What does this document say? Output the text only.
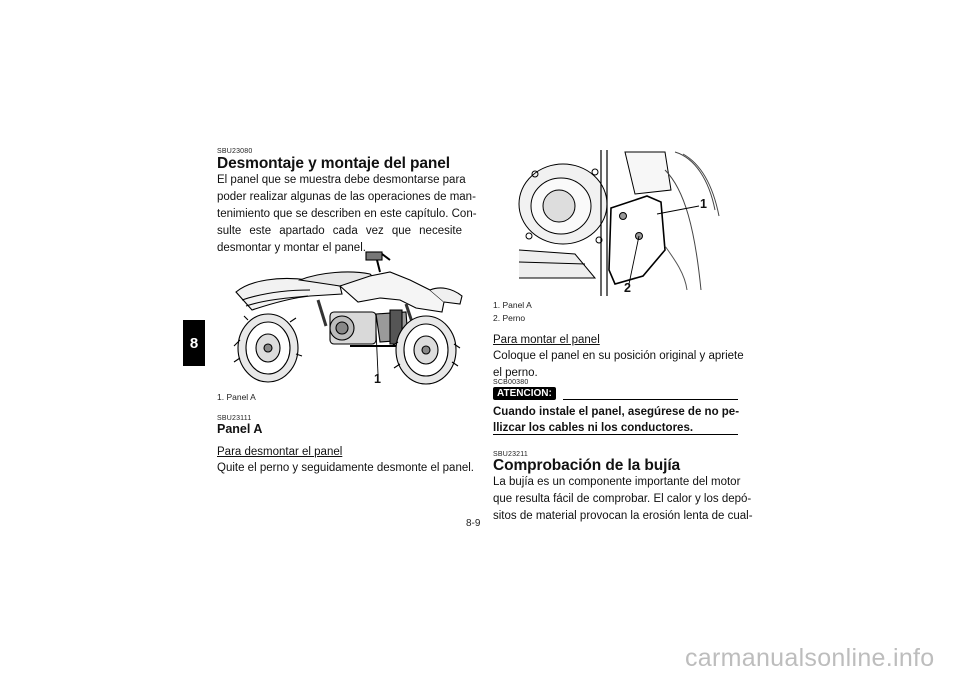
8
SBU23080
Desmontaje y montaje del panel
El panel que se muestra debe desmontarse para
poder realizar algunas de las operaciones de man-
tenimiento que se describen en este capítulo. Con-
sulte este apartado cada vez que necesite
desmontar y montar el panel.
1
1. Panel A
SBU23111
Panel A
Para desmontar el panel
Quite el perno y seguidamente desmonte el panel.
1
2
1. Panel A
2. Perno
Para montar el panel
Coloque el panel en su posición original y apriete
el perno.
SCB00380
ATENCION:
Cuando instale el panel, asegúrese de no pe-
llizcar los cables ni los conductores.
SBU23211
Comprobación de la bujía
La bujía es un componente importante del motor
que resulta fácil de comprobar. El calor y los depó-
sitos de material provocan la erosión lenta de cual-
8-9
carmanualsonline.info
